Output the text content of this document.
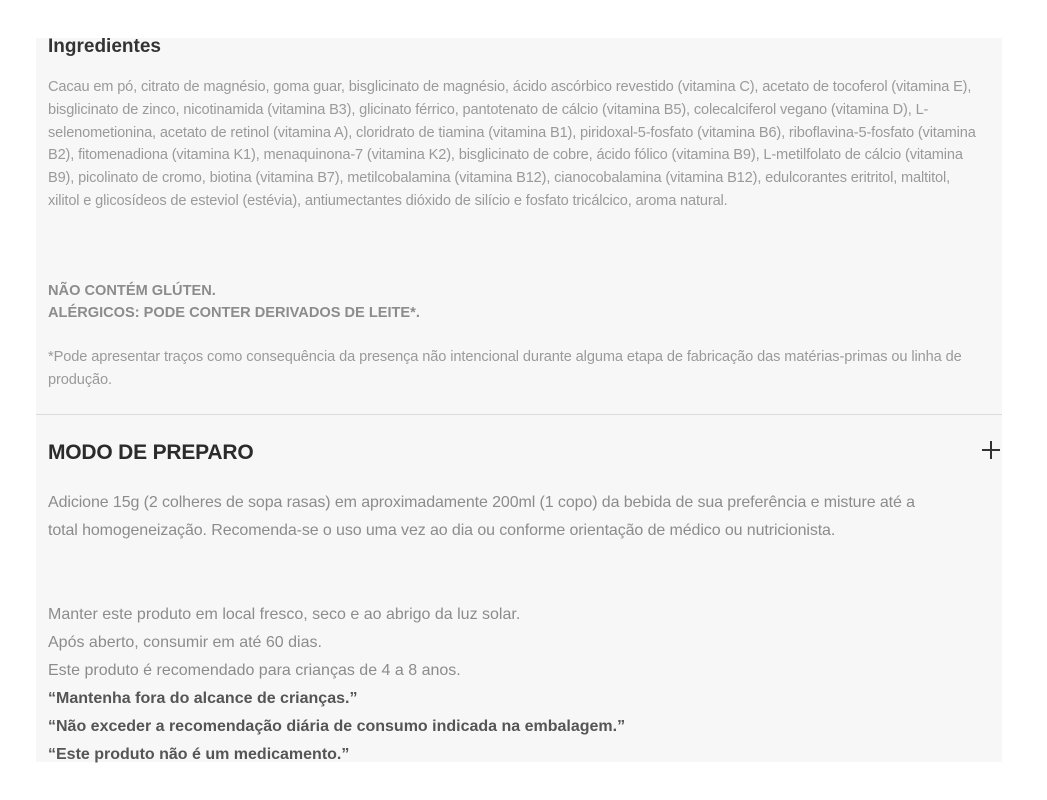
Ingredientes

Cacau em pó, citrato de magnésio, goma guar, bisglicinato de magnésio, ácido ascórbico revestido (vitamina C), acetato de tocoferol (vitamina E), bisglicinato de zinco, nicotinamida (vitamina B3), glicinato férrico, pantotenato de cálcio (vitamina B5), colecalciferol vegano (vitamina D), L-selenometionina, acetato de retinol (vitamina A), cloridrato de tiamina (vitamina B1), piridoxal-5-fosfato (vitamina B6), riboflavina-5-fosfato (vitamina B2), fitomenadiona (vitamina K1), menaquinona-7 (vitamina K2), bisglicinato de cobre, ácido fólico (vitamina B9), L-metilfolato de cálcio (vitamina B9), picolinato de cromo, biotina (vitamina B7), metilcobalamina (vitamina B12), cianocobalamina (vitamina B12), edulcorantes eritritol, maltitol, xilitol e glicosídeos de esteviol (estévia), antiumectantes dióxido de silício e fosfato tricálcico, aroma natural.

NÃO CONTÉM GLÚTEN.
ALÉRGICOS: PODE CONTER DERIVADOS DE LEITE*.

*Pode apresentar traços como consequência da presença não intencional durante alguma etapa de fabricação das matérias-primas ou linha de produção.

MODO DE PREPARO

Adicione 15g (2 colheres de sopa rasas) em aproximadamente 200ml (1 copo) da bebida de sua preferência e misture até a total homogeneização. Recomenda-se o uso uma vez ao dia ou conforme orientação de médico ou nutricionista.

Manter este produto em local fresco, seco e ao abrigo da luz solar.

Após aberto, consumir em até 60 dias.

Este produto é recomendado para crianças de 4 a 8 anos.

“Mantenha fora do alcance de crianças.”

“Não exceder a recomendação diária de consumo indicada na embalagem.”

“Este produto não é um medicamento.”
